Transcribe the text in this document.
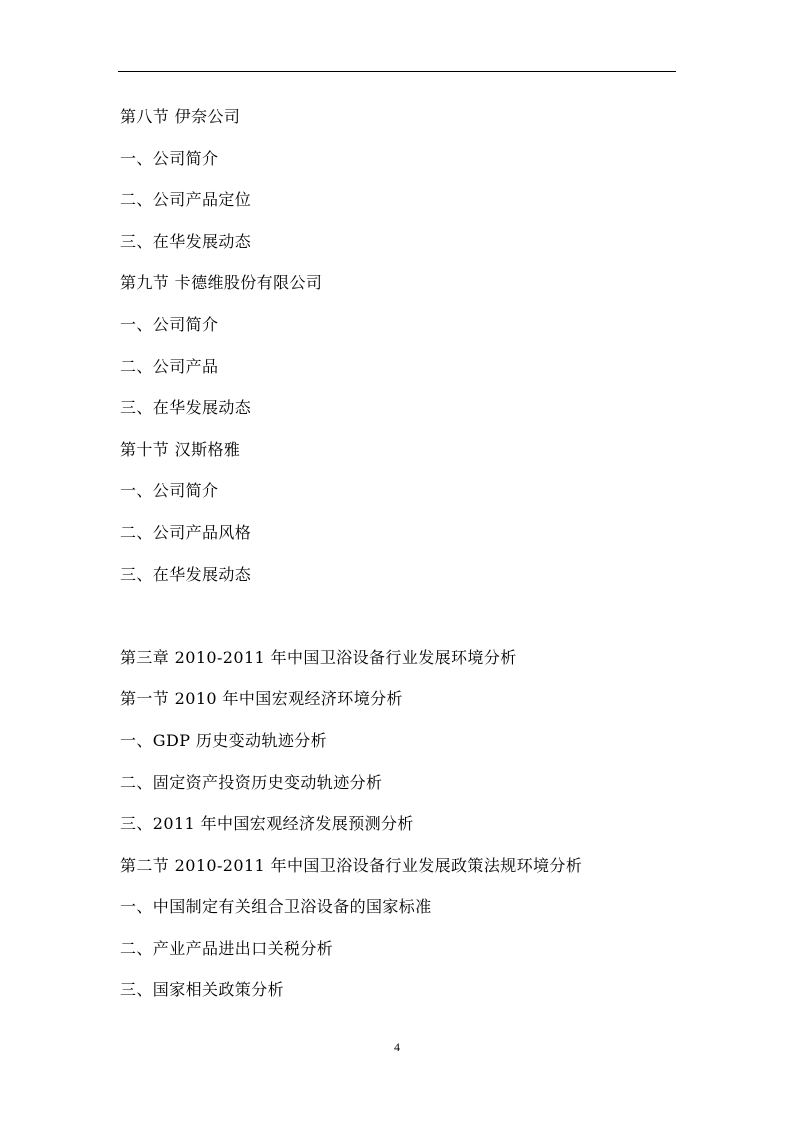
第八节 伊奈公司
一、公司简介
二、公司产品定位
三、在华发展动态
第九节 卡德维股份有限公司
一、公司简介
二、公司产品
三、在华发展动态
第十节 汉斯格雅
一、公司简介
二、公司产品风格
三、在华发展动态
第三章 2010-2011 年中国卫浴设备行业发展环境分析
第一节 2010 年中国宏观经济环境分析
一、GDP 历史变动轨迹分析
二、固定资产投资历史变动轨迹分析
三、2011 年中国宏观经济发展预测分析
第二节 2010-2011 年中国卫浴设备行业发展政策法规环境分析
一、中国制定有关组合卫浴设备的国家标准
二、产业产品进出口关税分析
三、国家相关政策分析
4
